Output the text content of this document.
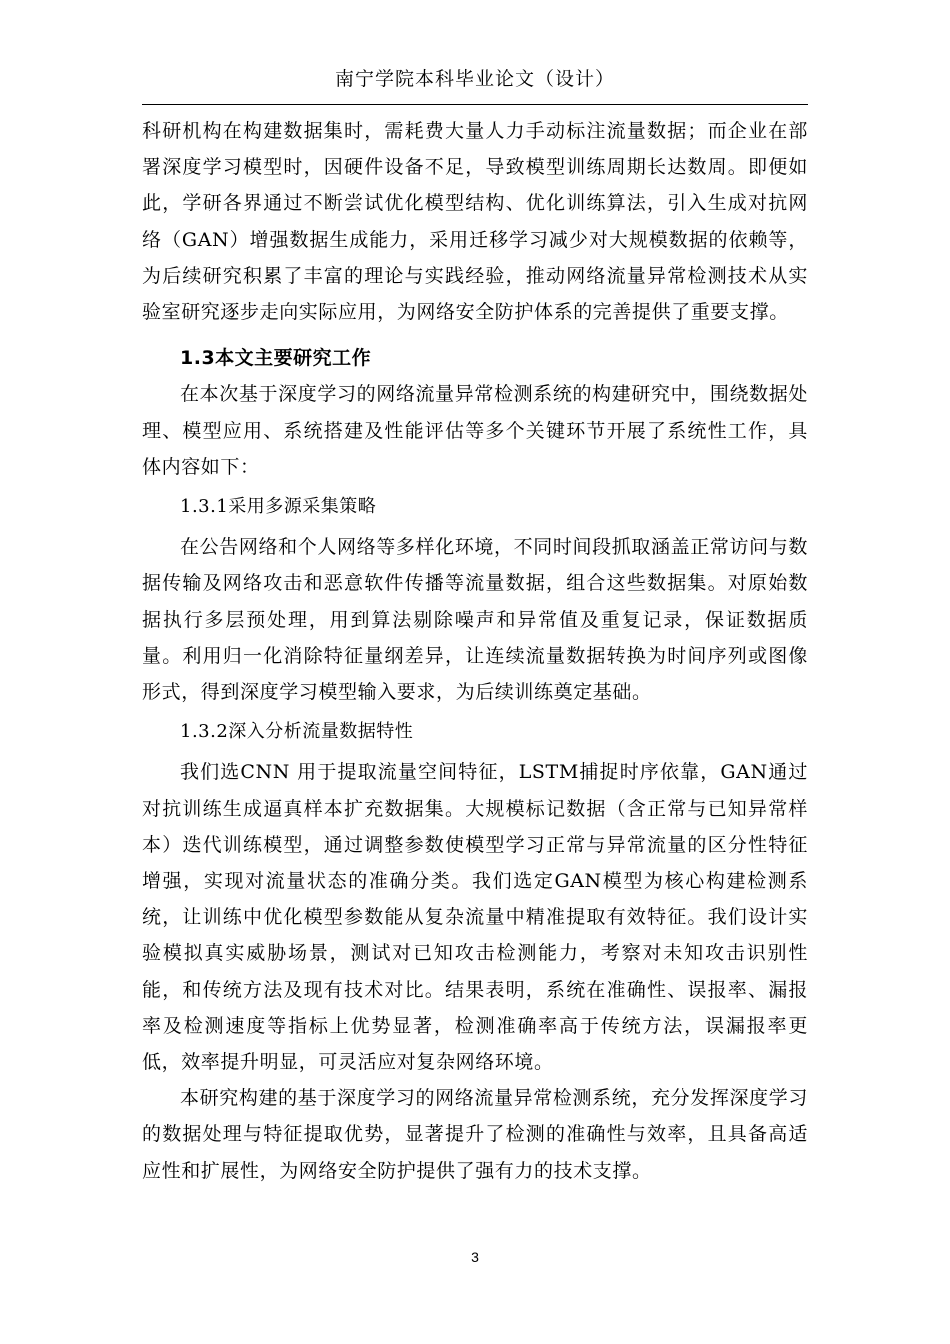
南宁学院本科毕业论文（设计）

科研机构在构建数据集时，需耗费大量人力手动标注流量数据；而企业在部署深度学习模型时，因硬件设备不足，导致模型训练周期长达数周。即便如此，学研各界通过不断尝试优化模型结构、优化训练算法，引入生成对抗网络（GAN）增强数据生成能力，采用迁移学习减少对大规模数据的依赖等，为后续研究积累了丰富的理论与实践经验，推动网络流量异常检测技术从实验室研究逐步走向实际应用，为网络安全防护体系的完善提供了重要支撑。

1.3本文主要研究工作

在本次基于深度学习的网络流量异常检测系统的构建研究中，围绕数据处理、模型应用、系统搭建及性能评估等多个关键环节开展了系统性工作，具体内容如下：

1.3.1采用多源采集策略

在公告网络和个人网络等多样化环境，不同时间段抓取涵盖正常访问与数据传输及网络攻击和恶意软件传播等流量数据，组合这些数据集。对原始数据执行多层预处理，用到算法剔除噪声和异常值及重复记录，保证数据质量。利用归一化消除特征量纲差异，让连续流量数据转换为时间序列或图像形式，得到深度学习模型输入要求，为后续训练奠定基础。

1.3.2深入分析流量数据特性

我们选CNN 用于提取流量空间特征，LSTM捕捉时序依靠，GAN通过对抗训练生成逼真样本扩充数据集。大规模标记数据（含正常与已知异常样本）迭代训练模型，通过调整参数使模型学习正常与异常流量的区分性特征增强，实现对流量状态的准确分类。我们选定GAN模型为核心构建检测系统，让训练中优化模型参数能从复杂流量中精准提取有效特征。我们设计实验模拟真实威胁场景，测试对已知攻击检测能力，考察对未知攻击识别性能，和传统方法及现有技术对比。结果表明，系统在准确性、误报率、漏报率及检测速度等指标上优势显著，检测准确率高于传统方法，误漏报率更低，效率提升明显，可灵活应对复杂网络环境。

本研究构建的基于深度学习的网络流量异常检测系统，充分发挥深度学习的数据处理与特征提取优势，显著提升了检测的准确性与效率，且具备高适应性和扩展性，为网络安全防护提供了强有力的技术支撑。

3
